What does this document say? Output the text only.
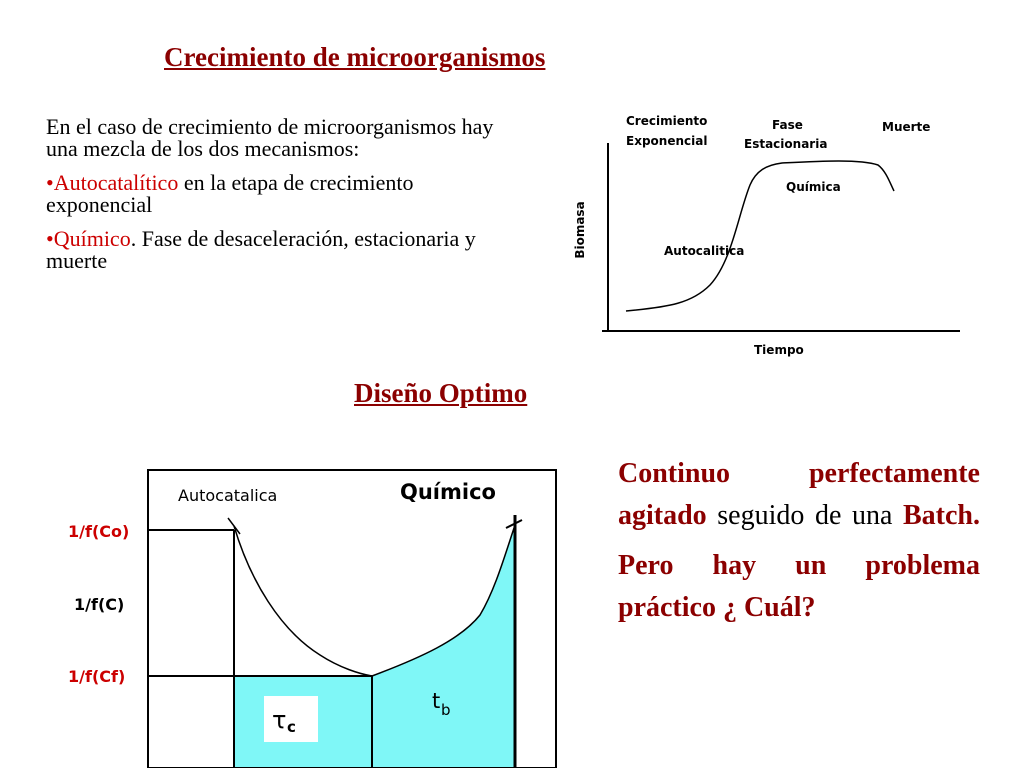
Crecimiento de microorganismos

En el caso de crecimiento de microorganismos hay una mezcla de los dos mecanismos:

•Autocatalítico en la etapa de crecimiento exponencial

•Químico. Fase de desaceleración, estacionaria y muerte

Crecimiento
Exponencial
Fase
Estacionaria
Muerte
Química
Autocalitica
Biomasa
Tiempo
Diseño Optimo
Autocatalica	Químico
1/f(Co)
1/f(C)
1/f(Cf)
τ c
t b

Continuo perfectamente agitado seguido de una Batch.

Pero hay un problema práctico ¿ Cuál?
